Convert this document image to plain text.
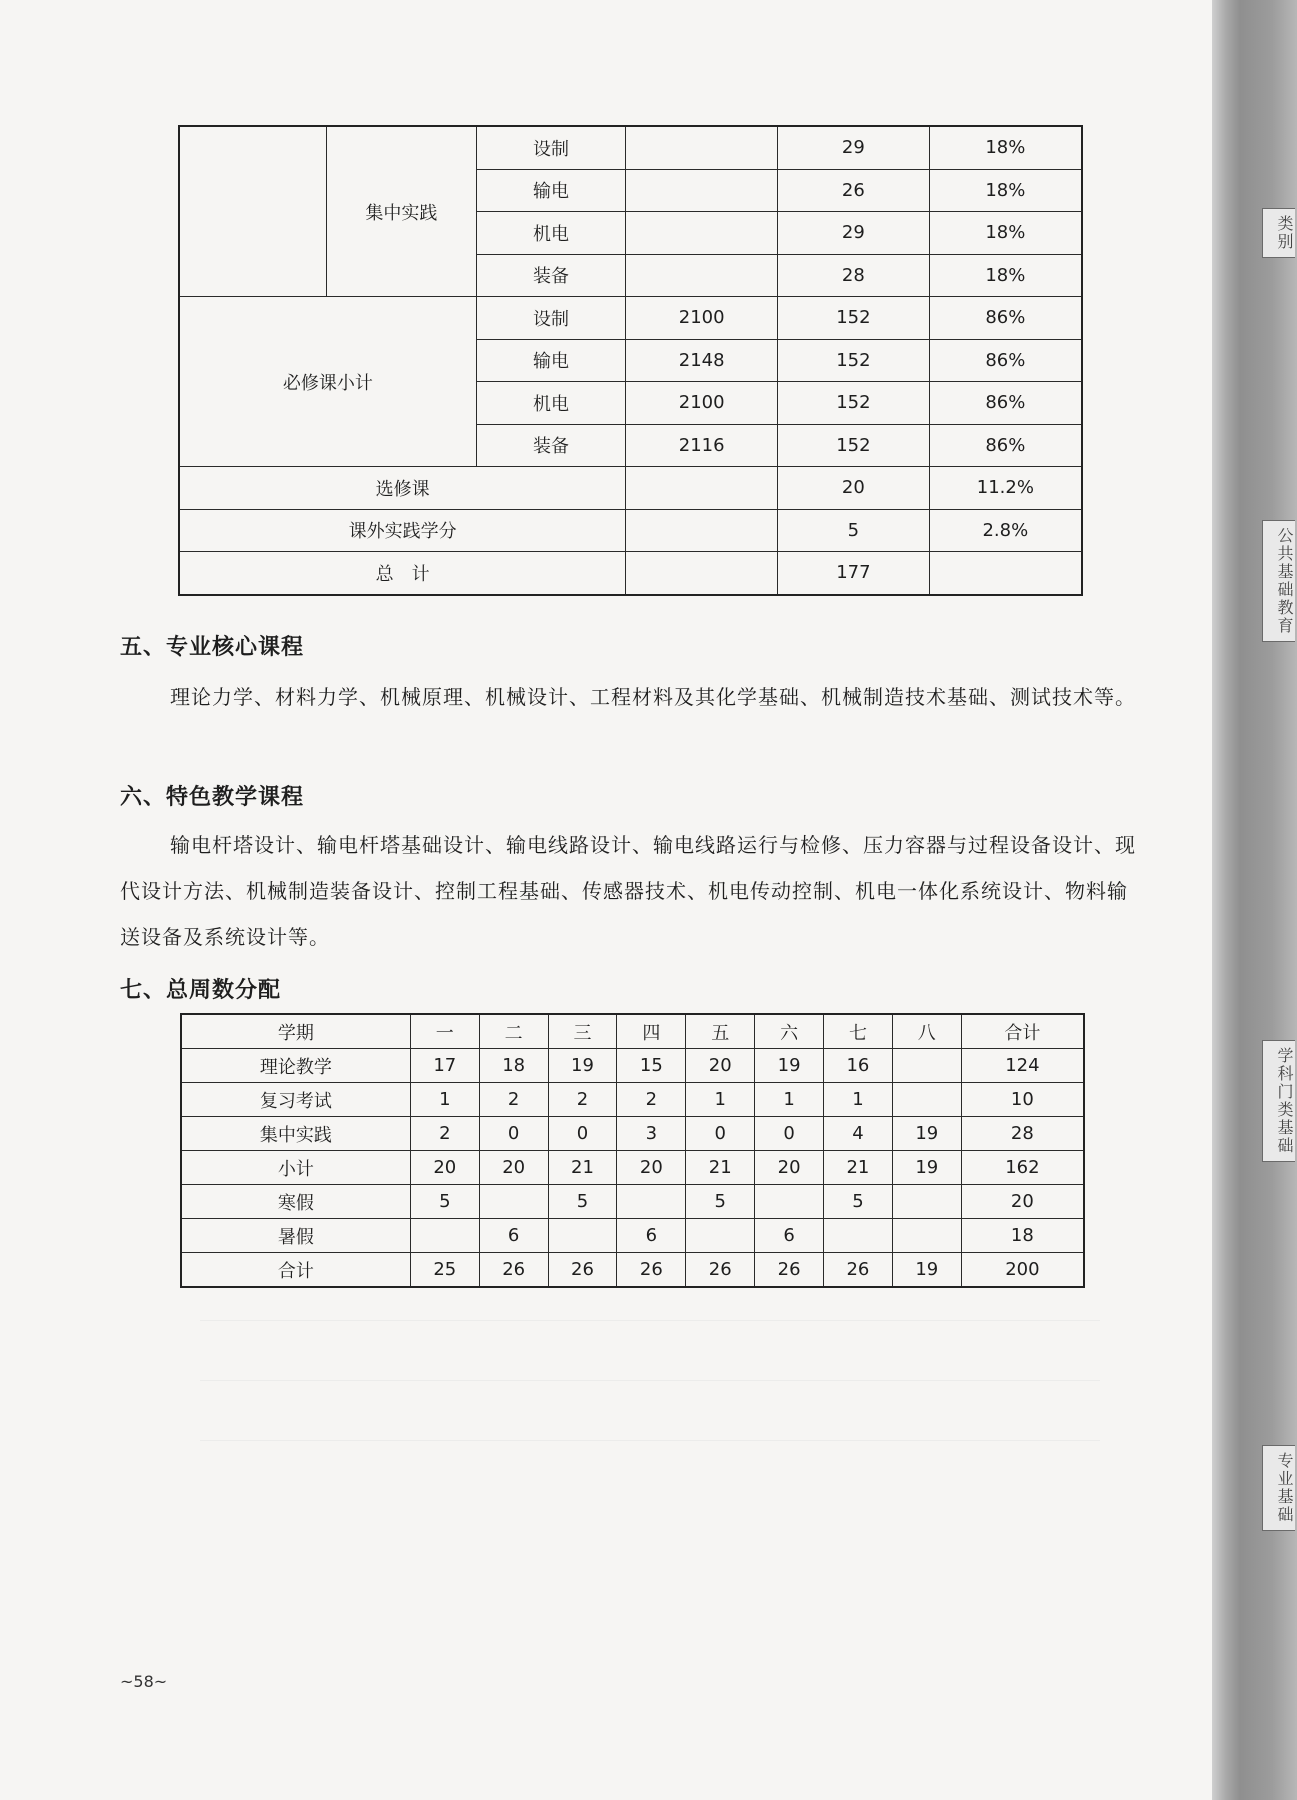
	集中实践	设制		29	18%
		输电		26	18%
		机电		29	18%
		装备		28	18%
必修课小计		设制	2100	152	86%
		输电	2148	152	86%
		机电	2100	152	86%
		装备	2116	152	86%
选修课				20	11.2%
课外实践学分				5	2.8%
总　计				177	
五、专业核心课程

理论力学、材料力学、机械原理、机械设计、工程材料及其化学基础、机械制造技术基础、测试技术等。

六、特色教学课程

输电杆塔设计、输电杆塔基础设计、输电线路设计、输电线路运行与检修、压力容器与过程设备设计、现代设计方法、机械制造装备设计、控制工程基础、传感器技术、机电传动控制、机电一体化系统设计、物料输送设备及系统设计等。

七、总周数分配
学期	一	二	三	四	五	六	七	八	合计
理论教学	17	18	19	15	20	19	16		124
复习考试	1	2	2	2	1	1	1		10
集中实践	2	0	0	3	0	0	4	19	28
小计	20	20	21	20	21	20	21	19	162
寒假	5		5		5		5		20
暑假		6		6		6			18
合计	25	26	26	26	26	26	26	19	200
~58~
类别
公共基础教育
学科门类基础
专业基础
